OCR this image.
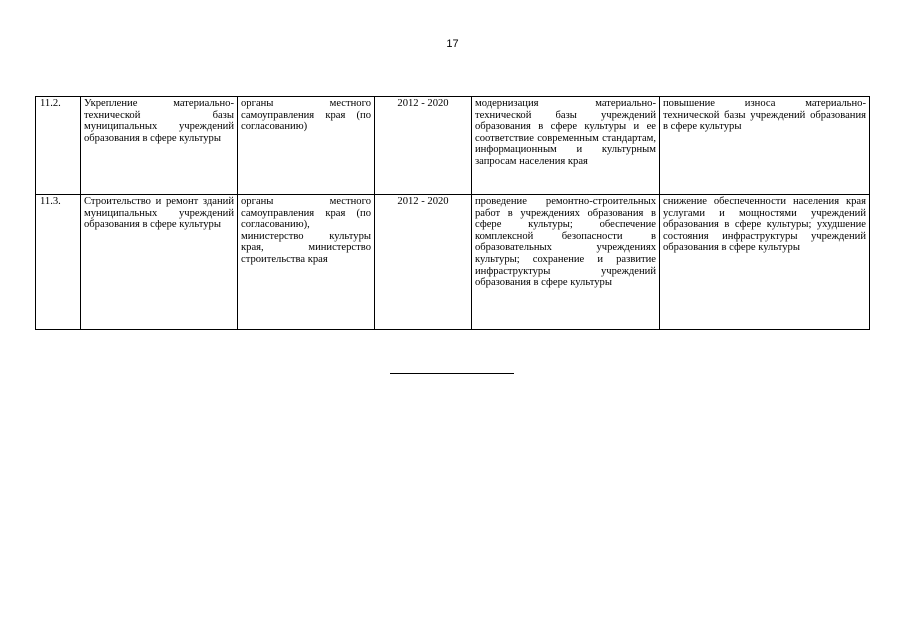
17
11.2.	Укрепление материально-технической базы муниципальных учреждений образования в сфере культуры	органы местного самоуправления края (по согласованию)	2012 - 2020	модернизация материально-технической базы учреждений образования в сфере культуры и ее соответствие современным стандартам, информационным и культурным запросам населения края	повышение износа материально-технической базы учреждений образования в сфере культуры
11.3.	Строительство и ремонт зданий муниципальных учреждений образования в сфере культуры	органы местного самоуправления края (по согласованию), министерство культуры края, министерство строительства края	2012 - 2020	проведение ремонтно-строительных работ в учреждениях образования в сфере культуры; обеспечение комплексной безопасности в образовательных учреждениях культуры; сохранение и развитие инфраструктуры учреждений образования в сфере культуры	снижение обеспеченности населения края услугами и мощностями учреждений образования в сфере культуры; ухудшение состояния инфраструктуры учреждений образования в сфере культуры
